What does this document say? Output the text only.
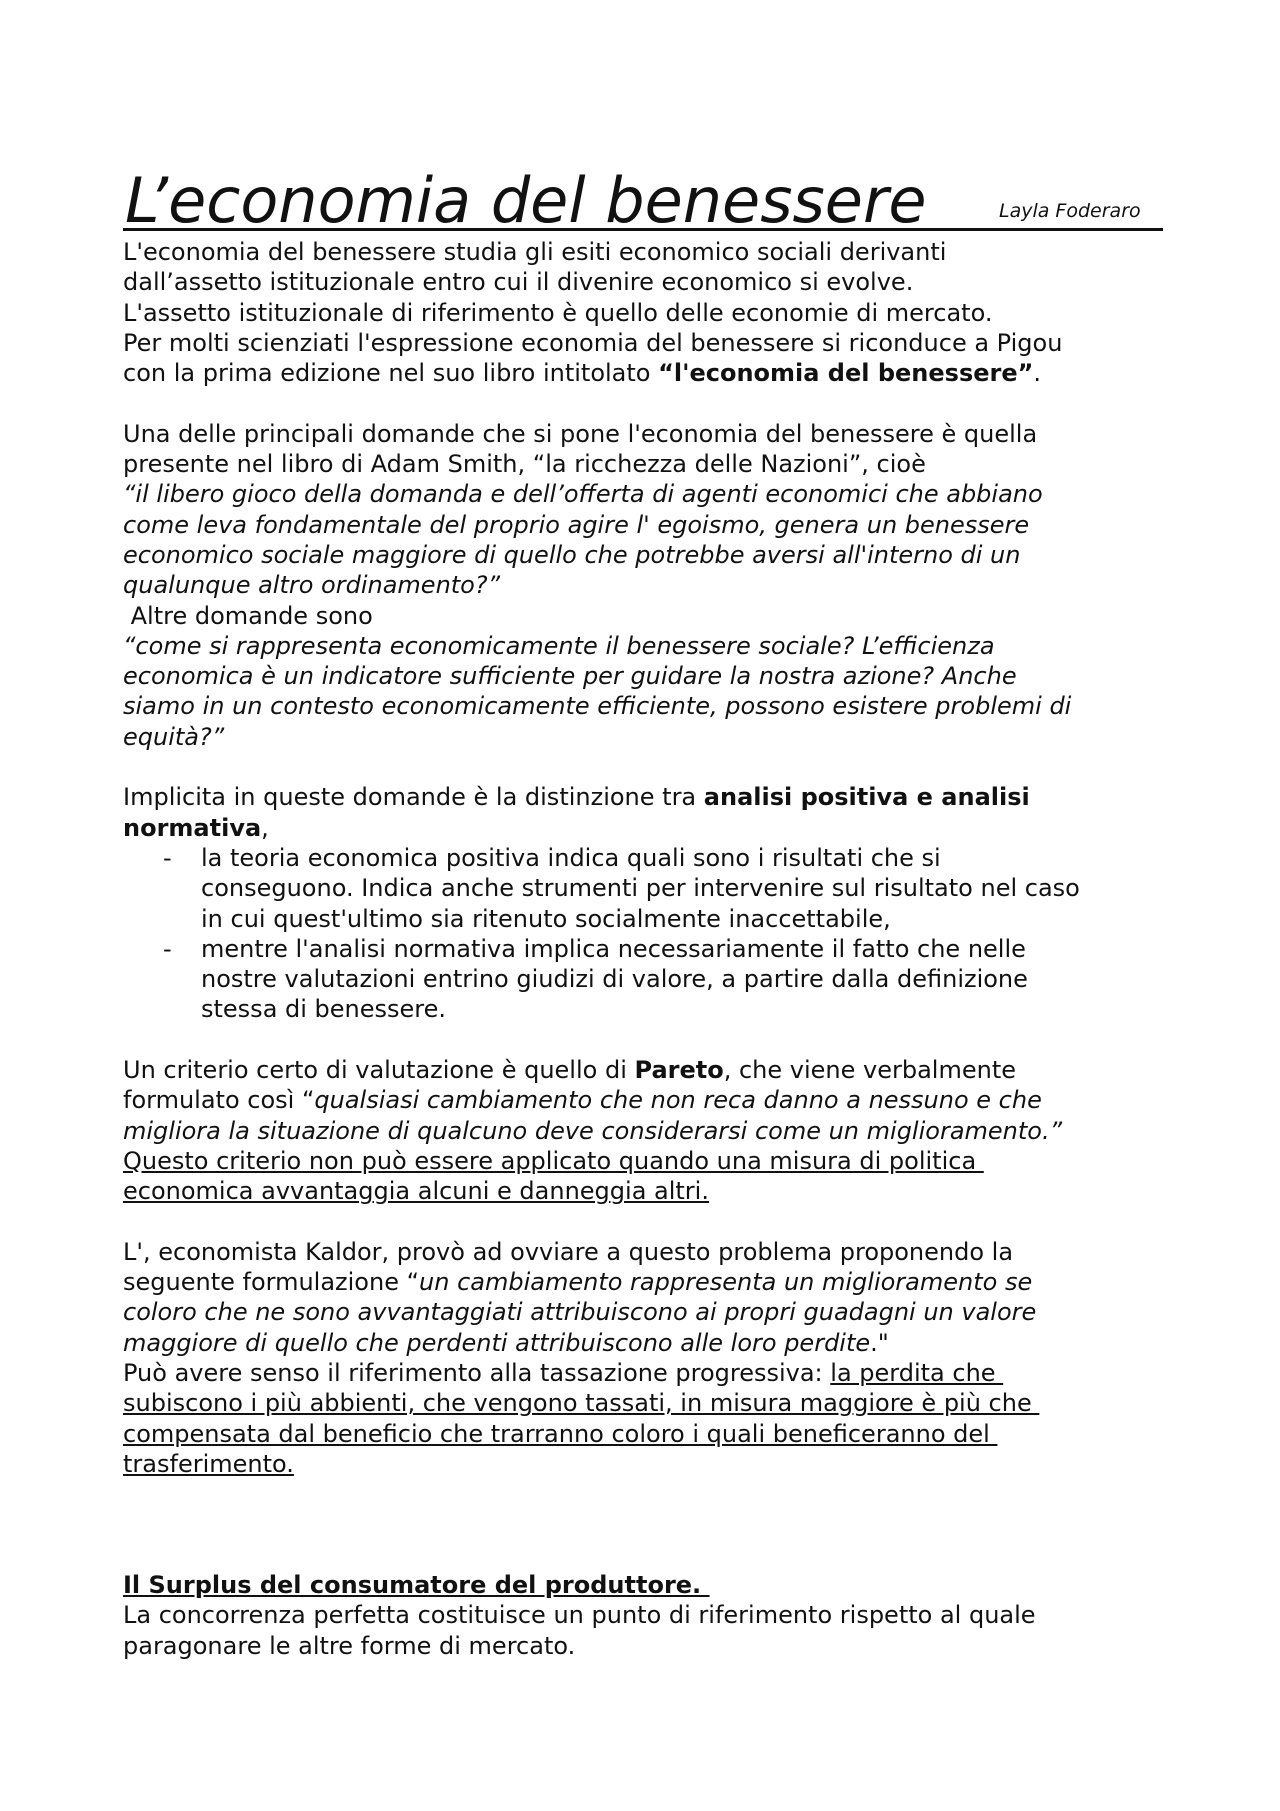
L’economia del benessere	Layla Foderaro

L'economia del benessere studia gli esiti economico sociali derivanti

dall’assetto istituzionale entro cui il divenire economico si evolve.

L'assetto istituzionale di riferimento è quello delle economie di mercato.

Per molti scienziati l'espressione economia del benessere si riconduce a Pigou

con la prima edizione nel suo libro intitolato “l'economia del benessere”.

Una delle principali domande che si pone l'economia del benessere è quella

presente nel libro di Adam Smith, “la ricchezza delle Nazioni”, cioè

“il libero gioco della domanda e dell’offerta di agenti economici che abbiano

come leva fondamentale del proprio agire l' egoismo, genera un benessere

economico sociale maggiore di quello che potrebbe aversi all'interno di un

qualunque altro ordinamento?”

Altre domande sono

“come si rappresenta economicamente il benessere sociale? L’efficienza

economica è un indicatore sufficiente per guidare la nostra azione? Anche

siamo in un contesto economicamente efficiente, possono esistere problemi di

equità?”

Implicita in queste domande è la distinzione tra analisi positiva e analisi

normativa,

- la teoria economica positiva indica quali sono i risultati che si

conseguono. Indica anche strumenti per intervenire sul risultato nel caso

in cui quest'ultimo sia ritenuto socialmente inaccettabile,

- mentre l'analisi normativa implica necessariamente il fatto che nelle

nostre valutazioni entrino giudizi di valore, a partire dalla definizione

stessa di benessere.

Un criterio certo di valutazione è quello di Pareto, che viene verbalmente

formulato così “qualsiasi cambiamento che non reca danno a nessuno e che

migliora la situazione di qualcuno deve considerarsi come un miglioramento.”

Questo criterio non può essere applicato quando una misura di politica

economica avvantaggia alcuni e danneggia altri.

L', economista Kaldor, provò ad ovviare a questo problema proponendo la

seguente formulazione “un cambiamento rappresenta un miglioramento se

coloro che ne sono avvantaggiati attribuiscono ai propri guadagni un valore

maggiore di quello che perdenti attribuiscono alle loro perdite."

Può avere senso il riferimento alla tassazione progressiva: la perdita che

subiscono i più abbienti, che vengono tassati, in misura maggiore è più che

compensata dal beneficio che trarranno coloro i quali beneficeranno del

trasferimento.

Il Surplus del consumatore del produttore.

La concorrenza perfetta costituisce un punto di riferimento rispetto al quale

paragonare le altre forme di mercato.
